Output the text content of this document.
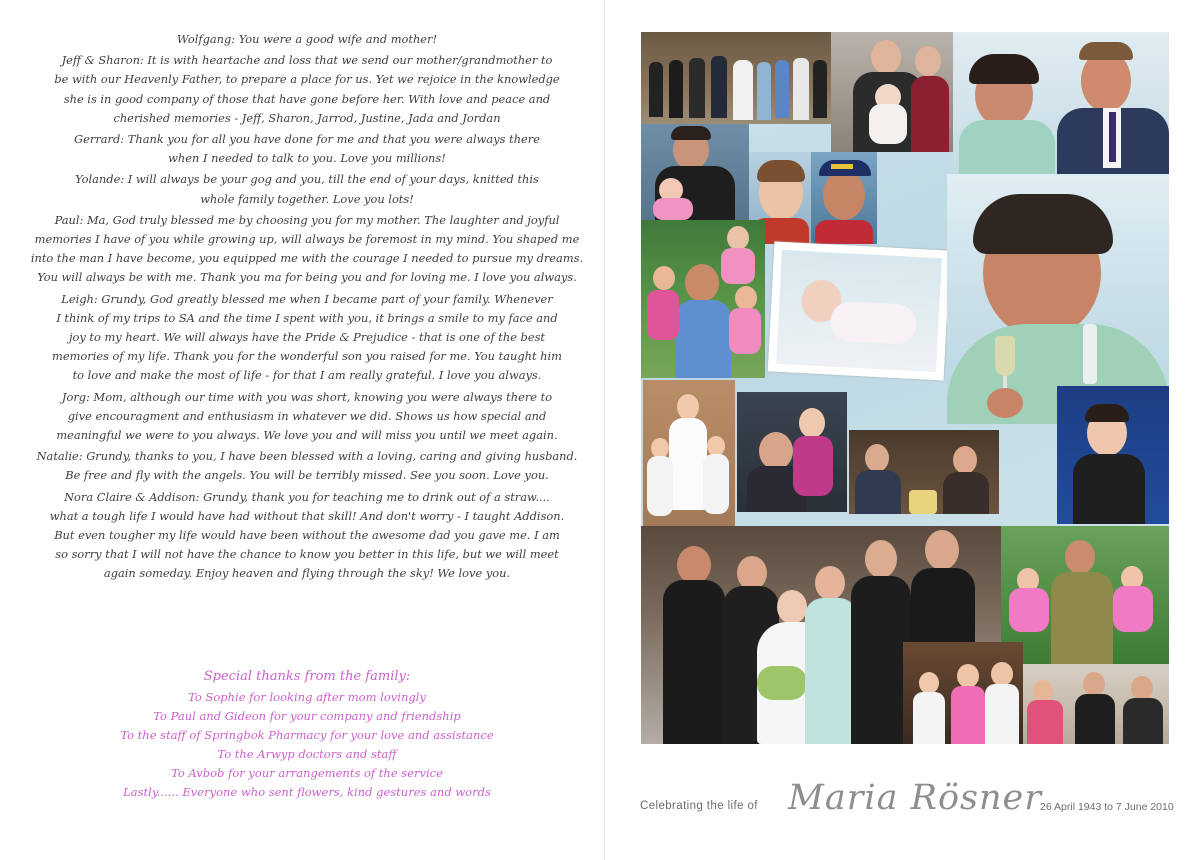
Wolfgang: You were a good wife and mother!
Jeff & Sharon: It is with heartache and loss that we send our mother/grandmother to
be with our Heavenly Father, to prepare a place for us. Yet we rejoice in the knowledge
she is in good company of those that have gone before her. With love and peace and
cherished memories - Jeff, Sharon, Jarrod, Justine, Jada and Jordan
Gerrard: Thank you for all you have done for me and that you were always there
when I needed to talk to you. Love you millions!
Yolande: I will always be your gog and you, till the end of your days, knitted this
whole family together. Love you lots!
Paul: Ma, God truly blessed me by choosing you for my mother. The laughter and joyful
memories I have of you while growing up, will always be foremost in my mind. You shaped me
into the man I have become, you equipped me with the courage I needed to pursue my dreams.
You will always be with me. Thank you ma for being you and for loving me. I love you always.
Leigh: Grundy, God greatly blessed me when I became part of your family. Whenever
I think of my trips to SA and the time I spent with you, it brings a smile to my face and
joy to my heart. We will always have the Pride & Prejudice - that is one of the best
memories of my life. Thank you for the wonderful son you raised for me. You taught him
to love and make the most of life - for that I am really grateful. I love you always.
Jorg: Mom, although our time with you was short, knowing you were always there to
give encouragment and enthusiasm in whatever we did. Shows us how special and
meaningful we were to you always. We love you and will miss you until we meet again.
Natalie: Grundy, thanks to you, I have been blessed with a loving, caring and giving husband.
Be free and fly with the angels. You will be terribly missed. See you soon. Love you.
Nora Claire & Addison: Grundy, thank you for teaching me to drink out of a straw....
what a tough life I would have had without that skill! And don't worry - I taught Addison.
But even tougher my life would have been without the awesome dad you gave me. I am
so sorry that I will not have the chance to know you better in this life, but we will meet
again someday. Enjoy heaven and flying through the sky! We love you.
Special thanks from the family:
To Sophie for looking after mom lovingly
To Paul and Gideon for your company and friendship
To the staff of Springbok Pharmacy for your love and assistance
To the Arwyp doctors and staff
To Avbob for your arrangements of the service
Lastly...... Everyone who sent flowers, kind gestures and words
Celebrating the life of Maria Rösner
26 April 1943 to 7 June 2010
